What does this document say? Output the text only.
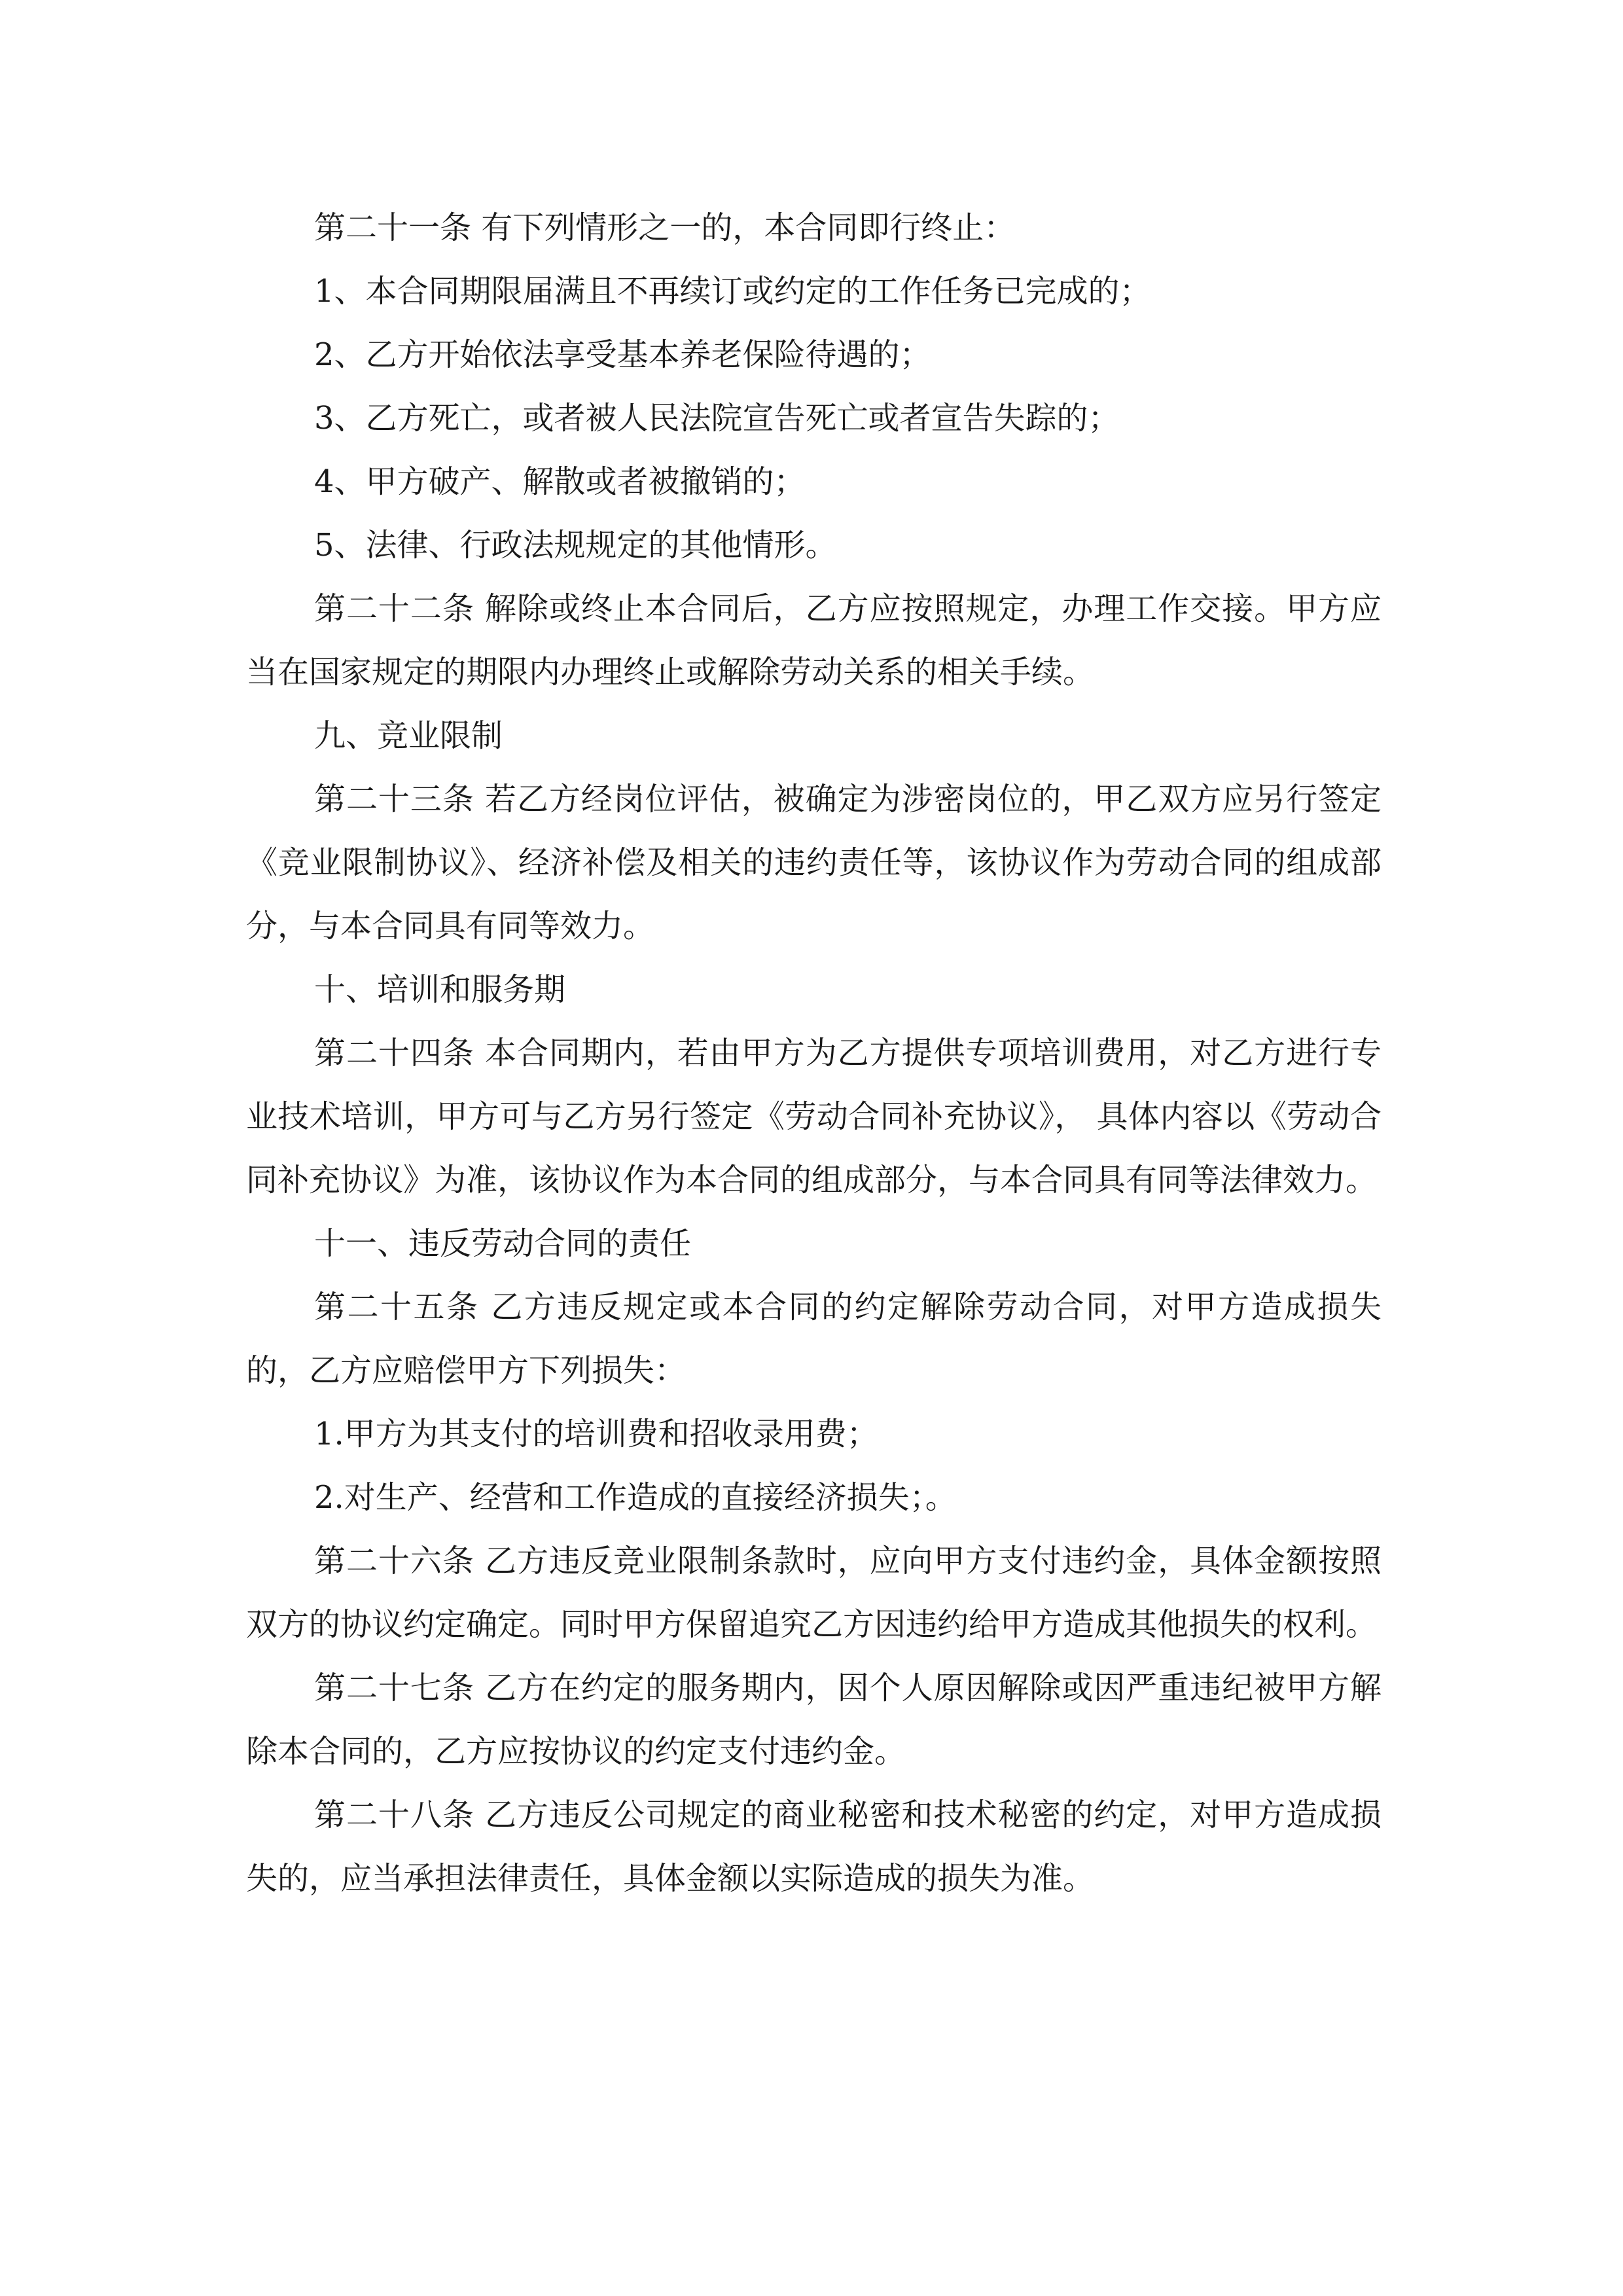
第二十一条 有下列情形之一的，本合同即行终止：

1、本合同期限届满且不再续订或约定的工作任务已完成的；

2、乙方开始依法享受基本养老保险待遇的；

3、乙方死亡，或者被人民法院宣告死亡或者宣告失踪的；

4、甲方破产、解散或者被撤销的；

5、法律、行政法规规定的其他情形。

第二十二条 解除或终止本合同后，乙方应按照规定，办理工作交接。甲方应当在国家规定的期限内办理终止或解除劳动关系的相关手续。

九、竞业限制

第二十三条 若乙方经岗位评估，被确定为涉密岗位的，甲乙双方应另行签定《竞业限制协议》、经济补偿及相关的违约责任等，该协议作为劳动合同的组成部分，与本合同具有同等效力。

十、培训和服务期

第二十四条 本合同期内，若由甲方为乙方提供专项培训费用，对乙方进行专业技术培训，甲方可与乙方另行签定《劳动合同补充协议》， 具体内容以《劳动合同补充协议》为准，该协议作为本合同的组成部分，与本合同具有同等法律效力。

十一、违反劳动合同的责任

第二十五条 乙方违反规定或本合同的约定解除劳动合同，对甲方造成损失的，乙方应赔偿甲方下列损失：

1.甲方为其支付的培训费和招收录用费；

2.对生产、经营和工作造成的直接经济损失；。

第二十六条 乙方违反竞业限制条款时，应向甲方支付违约金，具体金额按照双方的协议约定确定。同时甲方保留追究乙方因违约给甲方造成其他损失的权利。

第二十七条 乙方在约定的服务期内，因个人原因解除或因严重违纪被甲方解除本合同的，乙方应按协议的约定支付违约金。

第二十八条 乙方违反公司规定的商业秘密和技术秘密的约定，对甲方造成损失的，应当承担法律责任，具体金额以实际造成的损失为准。
